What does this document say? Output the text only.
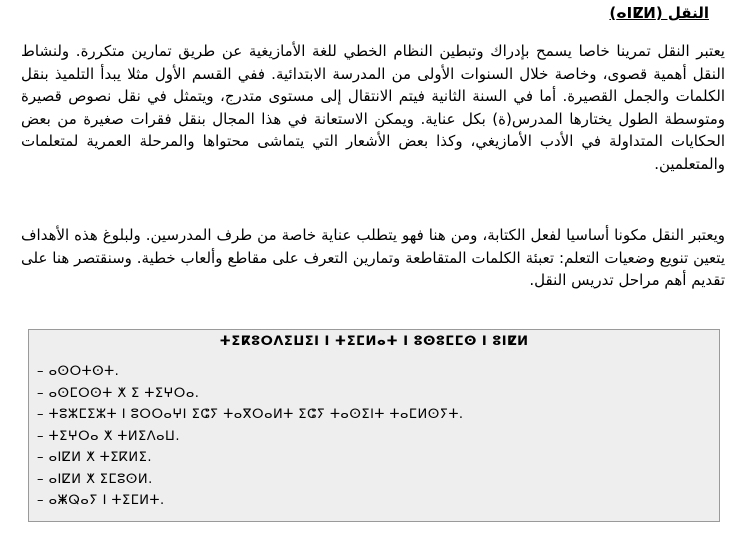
النقل (ⴰⵏⵇⵍ)

يعتبر النقل تمرينا خاصا يسمح بإدراك وتبطين النظام الخطي للغة الأمازيغية عن طريق تمارين متكررة. ولنشاط النقل أهمية قصوى، وخاصة خلال السنوات الأولى من المدرسة الابتدائية. ففي القسم الأول مثلا يبدأ التلميذ بنقل الكلمات والجمل القصيرة. أما في السنة الثانية فيتم الانتقال إلى مستوى متدرج، ويتمثل في نقل نصوص قصيرة ومتوسطة الطول يختارها المدرس(ة) بكل عناية. ويمكن الاستعانة في هذا المجال بنقل فقرات صغيرة من بعض الحكايات المتداولة في الأدب الأمازيغي، وكذا بعض الأشعار التي يتماشى محتواها والمرحلة العمرية لمتعلمات والمتعلمين.

ويعتبر النقل مكونا أساسيا لفعل الكتابة، ومن هنا فهو يتطلب عناية خاصة من طرف المدرسين. ولبلوغ هذه الأهداف يتعين تنويع وضعيات التعلم: تعبئة الكلمات المتقاطعة وتمارين التعرف على مقاطع وألعاب خطية. وسنقتصر هنا على تقديم أهم مراحل تدريس النقل.

ⵜⵉⴽⵓⵔⴷⵉⵡⵉⵏ ⵏ ⵜⵉⵎⵍⴰⵜ ⵏ ⵓⵙⵓⵎⵎⵙ ⵏ ⵓⵏⵇⵍ
– ⴰⵙⵔⵜⵙⵜ.
– ⴰⵙⵎⵔⵙⵜ ⵅ ⵉ ⵜⵉⵖⵔⴰ.
– ⵜⵓⵣⵎⵉⵣⵜ ⵏ ⵓⵔⵔⴰⵖⵏ ⵉⵛⵢ ⵜⴰⴳⵔⴰⵍⵜ ⵉⵛⵢ ⵜⴰⵙⵉⵏⵜ ⵜⴰⵎⵍⵙⵢⵜ.
– ⵜⵉⵖⵔⴰ ⵅ ⵜⵍⵉⴷⴰⵡ.
– ⴰⵏⵇⵍ ⵅ ⵜⵉⴽⵍⵉ.
– ⴰⵏⵇⵍ ⵅ ⵉⵎⵓⵙⵍ.
– ⴰⵥⵕⴰⵢ ⵏ ⵜⵉⵎⵍⵜ.
